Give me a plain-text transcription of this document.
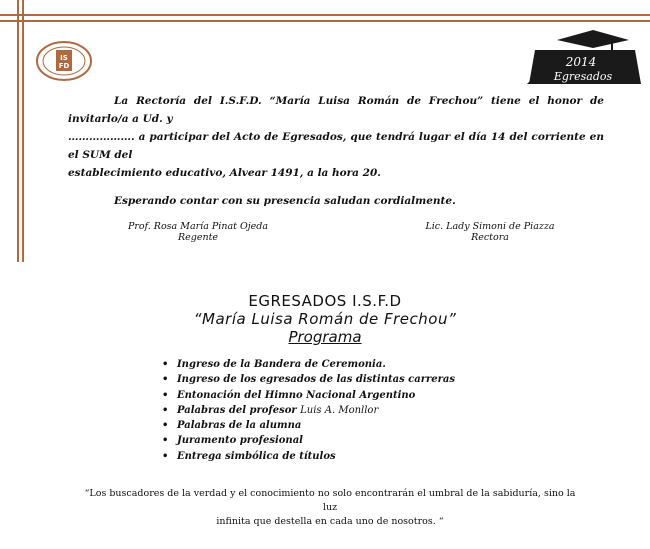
IS
FD	2014
Egresados

La Rectoría del I.S.F.D. “María Luisa Román de Frechou” tiene el honor de invitarlo/a a Ud. y

………………. a participar del Acto de Egresados, que tendrá lugar el día 14 del corriente en el SUM del

establecimiento educativo, Alvear 1491, a la hora 20.

Esperando contar con su presencia saludan cordialmente.

Prof. Rosa María Pinat Ojeda
Regente
Lic. Lady Simoni de Piazza
Rectora
EGRESADOS I.S.F.D
“María Luisa Román de Frechou”
Programa
• Ingreso de la Bandera de Ceremonia.
• Ingreso de los egresados de las distintas carreras
• Entonación del Himno Nacional Argentino
• Palabras del profesor Luis A. Monllor
• Palabras de la alumna
• Juramento profesional
• Entrega simbólica de títulos
“Los buscadores de la verdad y el conocimiento no solo encontrarán el umbral de la sabiduría, sino la luz
infinita que destella en cada uno de nosotros. “
